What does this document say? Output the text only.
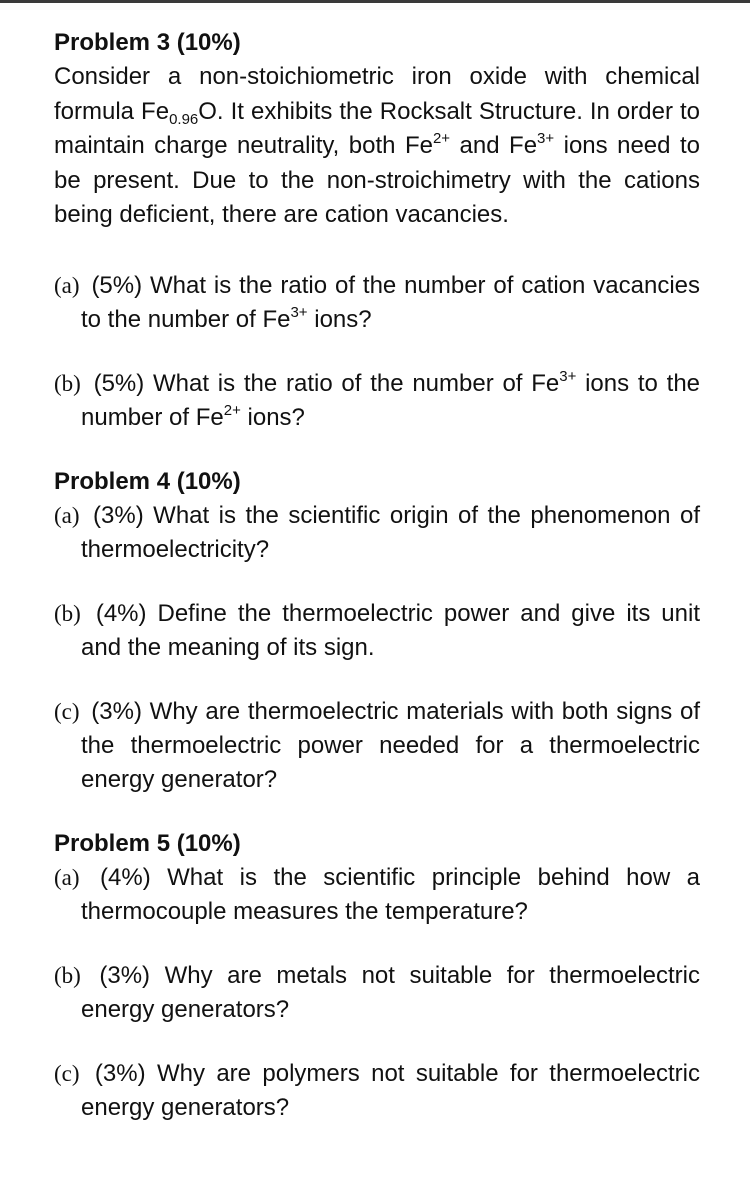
Problem 3 (10%)

Consider a non-stoichiometric iron oxide with chemical formula $Fe_{0.96}O$. It exhibits the Rocksalt Structure. In order to maintain charge neutrality, both $Fe^{2+}$ and $Fe^{3+}$ ions need to be present. Due to the non-stroichimetry with the cations being deficient, there are cation vacancies.

(a) (5%) What is the ratio of the number of cation vacancies to the number of $Fe^{3+}$ ions?

(b) (5%) What is the ratio of the number of $Fe^{3+}$ ions to the number of $Fe^{2+}$ ions?

Problem 4 (10%)

(a) (3%) What is the scientific origin of the phenomenon of thermoelectricity?

(b) (4%) Define the thermoelectric power and give its unit and the meaning of its sign.

(c) (3%) Why are thermoelectric materials with both signs of the thermoelectric power needed for a thermoelectric energy generator?

Problem 5 (10%)

(a) (4%) What is the scientific principle behind how a thermocouple measures the temperature?

(b) (3%) Why are metals not suitable for thermoelectric energy generators?

(c) (3%) Why are polymers not suitable for thermoelectric energy generators?
